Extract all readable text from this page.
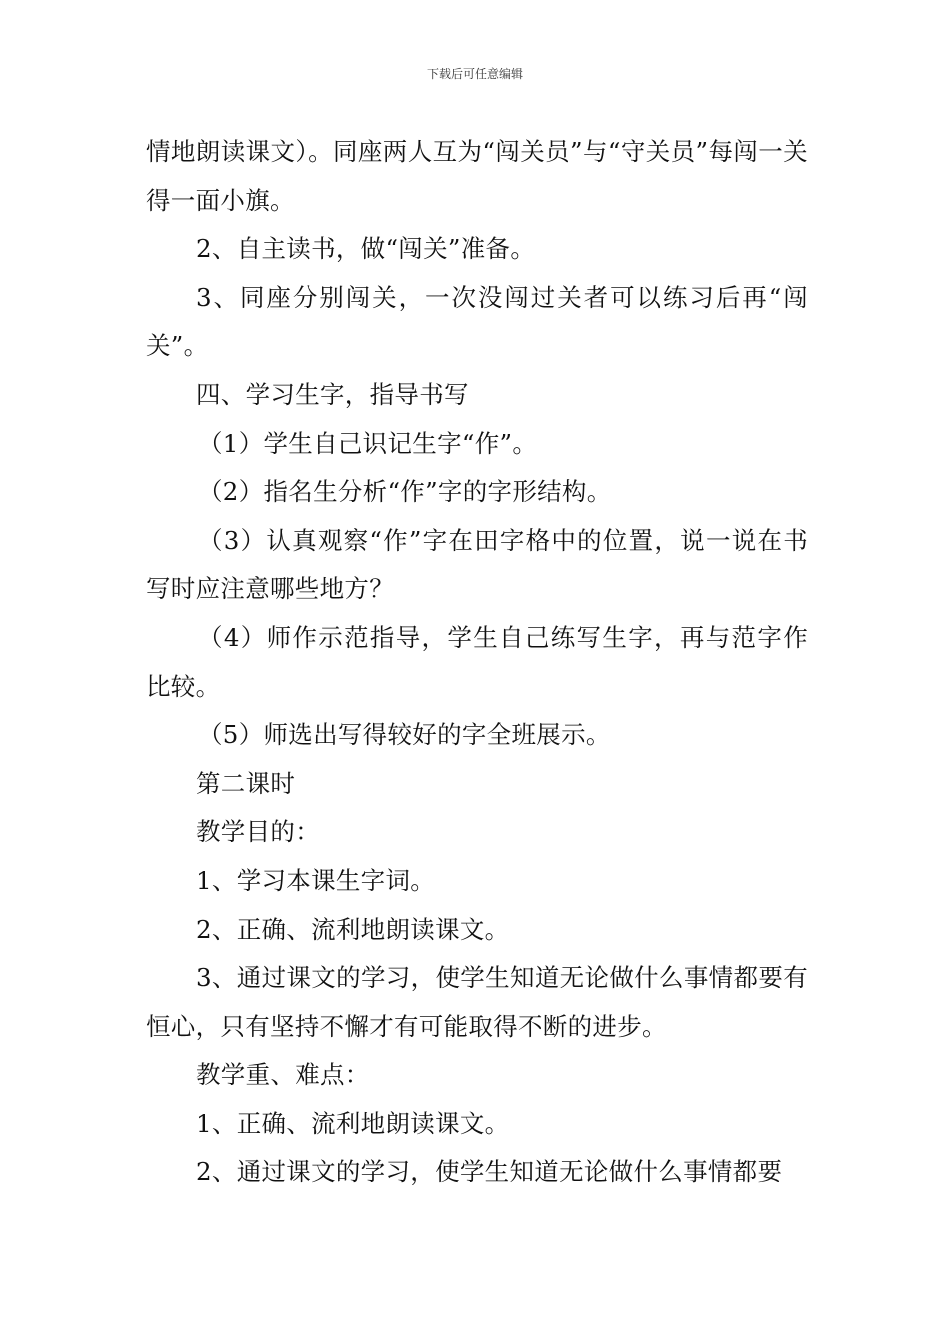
下载后可任意编辑

情地朗读课文）。同座两人互为“闯关员”与“守关员”每闯一关得一面小旗。

2、自主读书，做“闯关”准备。

3、同座分别闯关，一次没闯过关者可以练习后再“闯关”。

四、学习生字，指导书写

（1）学生自己识记生字“作”。

（2）指名生分析“作”字的字形结构。

（3）认真观察“作”字在田字格中的位置，说一说在书写时应注意哪些地方？

（4）师作示范指导，学生自己练写生字，再与范字作比较。

（5）师选出写得较好的字全班展示。

第二课时

教学目的：

1、学习本课生字词。

2、正确、流利地朗读课文。

3、通过课文的学习，使学生知道无论做什么事情都要有恒心，只有坚持不懈才有可能取得不断的进步。

教学重、难点：

1、正确、流利地朗读课文。

2、通过课文的学习，使学生知道无论做什么事情都要
